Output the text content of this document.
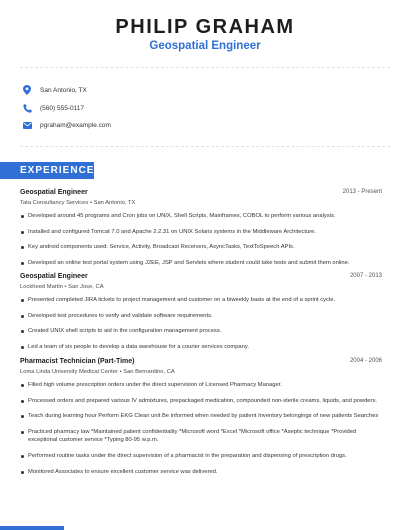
PHILIP GRAHAM
Geospatial Engineer
San Antonio, TX
(560) 555-0117
pgraham@example.com
EXPERIENCE
Geospatial Engineer	2013 - Present
Tata Consultancy Services • San Antonio, TX
Developed around 45 programs and Cron jobs on UNIX, Shell Scripts, Mainframes, COBOL to perform various analysis.
Installed and configured Tomcat 7.0 and Apache 2.2.31 on UNIX Solaris systems in the Middleware Architecture.
Key android components used: Service, Activity, Broadcast Receivers, AsyncTasks, TextToSpeech APIs.
Developed an online test portal system using J2EE, JSP and Servlets where student could take tests and submit them online.
Geospatial Engineer	2007 - 2013
Lockheed Martin • San Jose, CA
Presented completed JIRA tickets to project management and customer on a biweekly basis at the end of a sprint cycle.
Developed test procedures to verify and validate software requirements.
Created UNIX shell scripts to aid in the configuration management process.
Led a team of six people to develop a data warehouse for a courier services company.
Pharmacist Technician (Part-Time)	2004 - 2006
Loma Linda University Medical Center • San Bernardino, CA
Filled high volume prescription orders under the direct supervision of Licensed Pharmacy Manager.
Processed orders and prepared various IV admixtures, prepackaged medication, compounded non-sterile creams, liquids, and powders.
Teach during learning hour Perform EKG Clean unit Be informed when needed by patient Inventory belongings of new patients Searches
Practiced pharmacy law *Maintained patient confidentiality *Microsoft word *Excel *Microsoft office *Aseptic technique *Provided exceptional customer service *Typing 80-95 w.p.m.
Performed routine tasks under the direct supervision of a pharmacist in the preparation and dispensing of prescription drugs.
Monitored Associates to ensure excellent customer service was delivered.
